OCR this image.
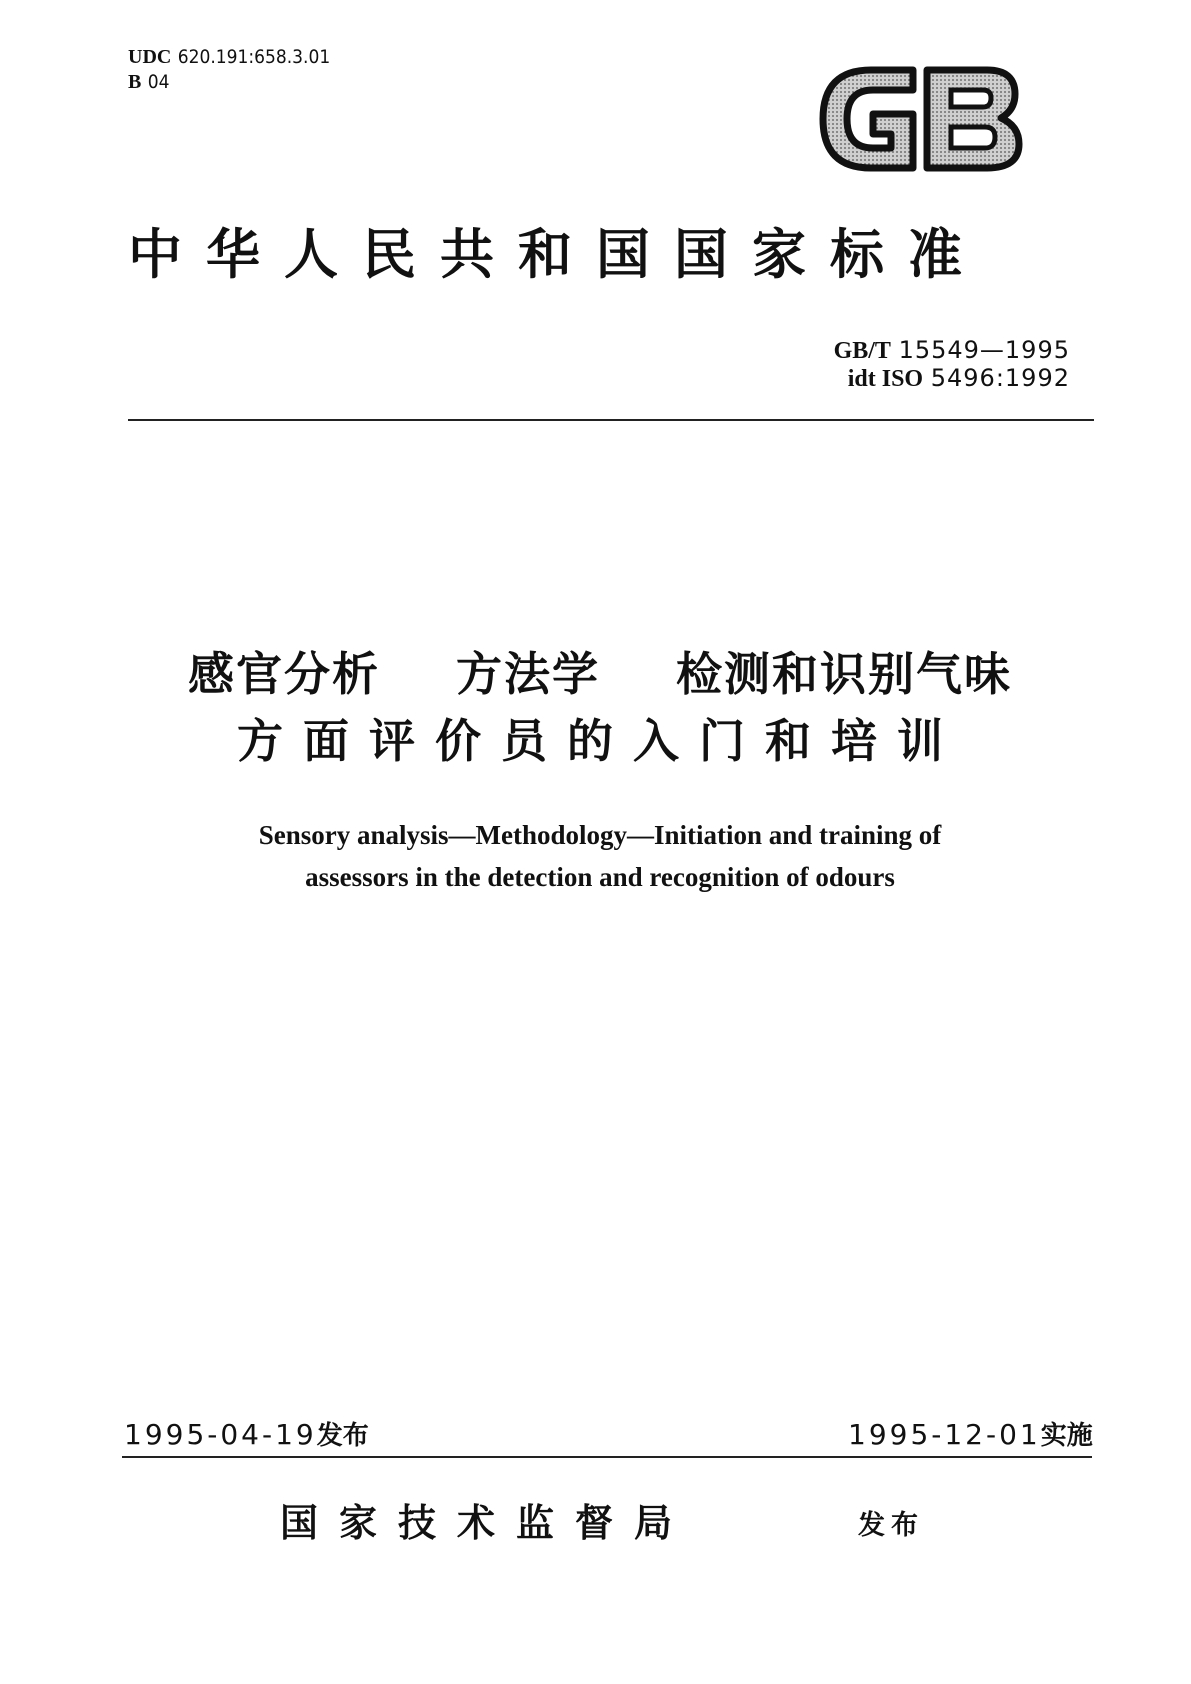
UDC 620.191:658.3.01
B 04
中华人民共和国国家标准
GB/T 15549—1995
idt ISO 5496:1992
感官分析  方法学  检测和识别气味
方面评价员的入门和培训
Sensory analysis—Methodology—Initiation and training of
assessors in the detection and recognition of odours
1995-04-19发布	1995-12-01实施
国家技术监督局	发布
